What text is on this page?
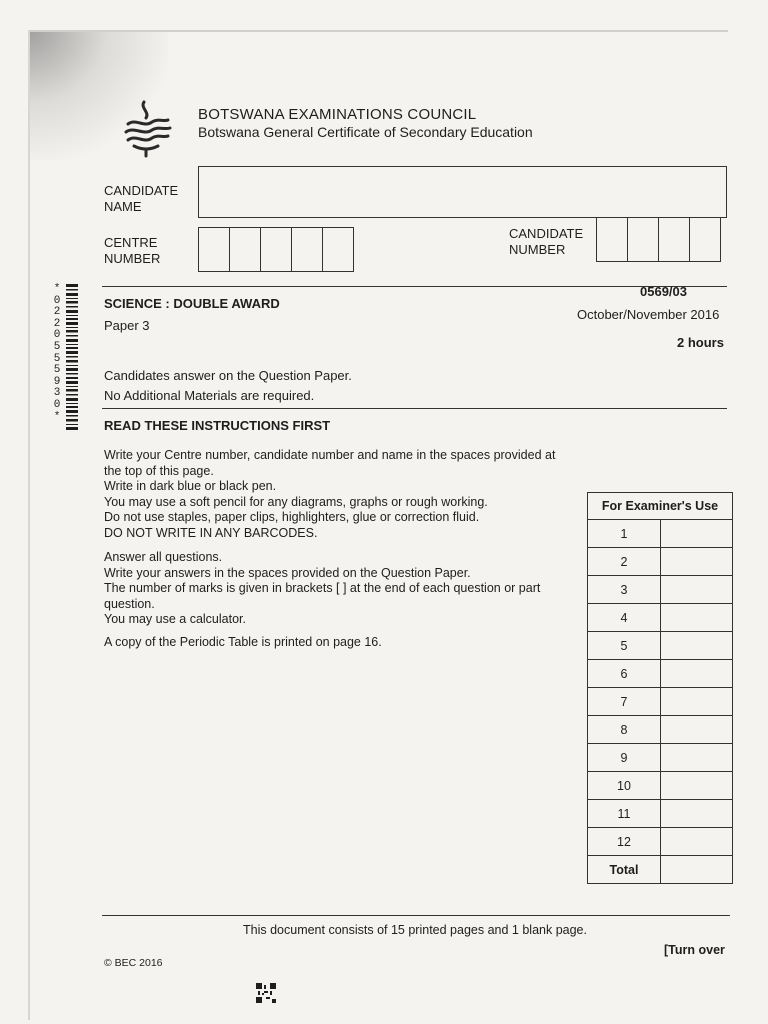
BOTSWANA EXAMINATIONS COUNCIL
Botswana General Certificate of Secondary Education
CANDIDATE NAME
CENTRE NUMBER
CANDIDATE NUMBER
SCIENCE : DOUBLE AWARD
Paper 3
0569/03
October/November 2016
2 hours
Candidates answer on the Question Paper.
No Additional Materials are required.
READ THESE INSTRUCTIONS FIRST

Write your Centre number, candidate number and name in the spaces provided at the top of this page.

Write in dark blue or black pen.

You may use a soft pencil for any diagrams, graphs or rough working.

Do not use staples, paper clips, highlighters, glue or correction fluid.

DO NOT WRITE IN ANY BARCODES.

Answer all questions.

Write your answers in the spaces provided on the Question Paper.

The number of marks is given in brackets [ ] at the end of each question or part question.

You may use a calculator.

A copy of the Periodic Table is printed on page 16.
For Examiner's Use	
1	
2	
3	
4	
5	
6	
7	
8	
9	
10	
11	
12	
Total	
*0220555930*
This document consists of 15 printed pages and 1 blank page.
[Turn over
© BEC 2016
